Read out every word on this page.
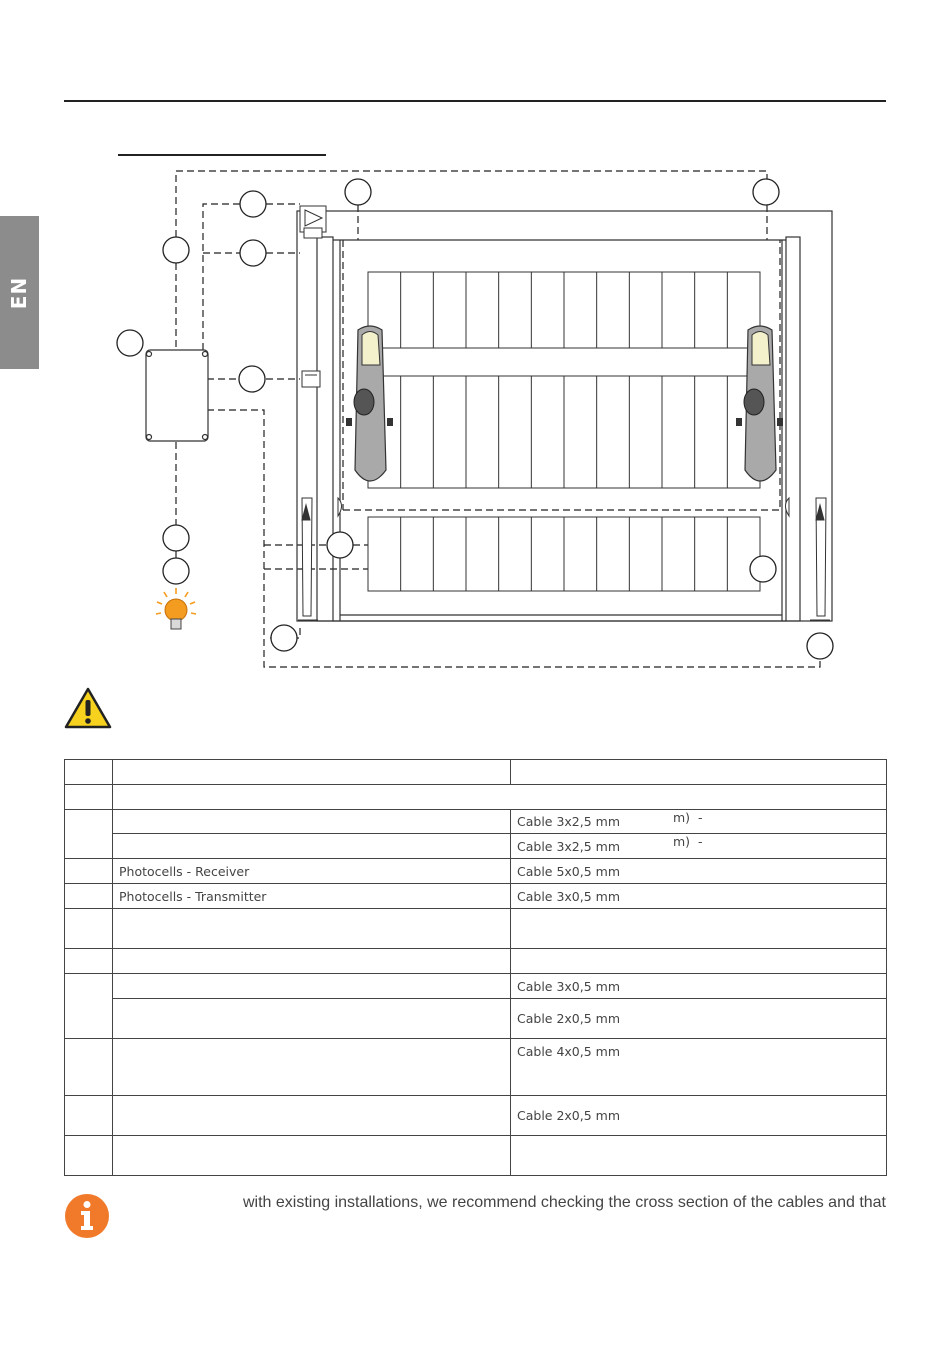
EN

		Cable 3x2,5 mm m)  -

		Cable 3x2,5 mm m)  -

	Photocells - Receiver	Cable 5x0,5 mm
	Photocells - Transmitter	Cable 3x0,5 mm

		Cable 3x0,5 mm
		Cable 2x0,5 mm
		Cable 4x0,5 mm
		Cable 2x0,5 mm

with existing installations, we recommend checking the cross section of the cables and that
